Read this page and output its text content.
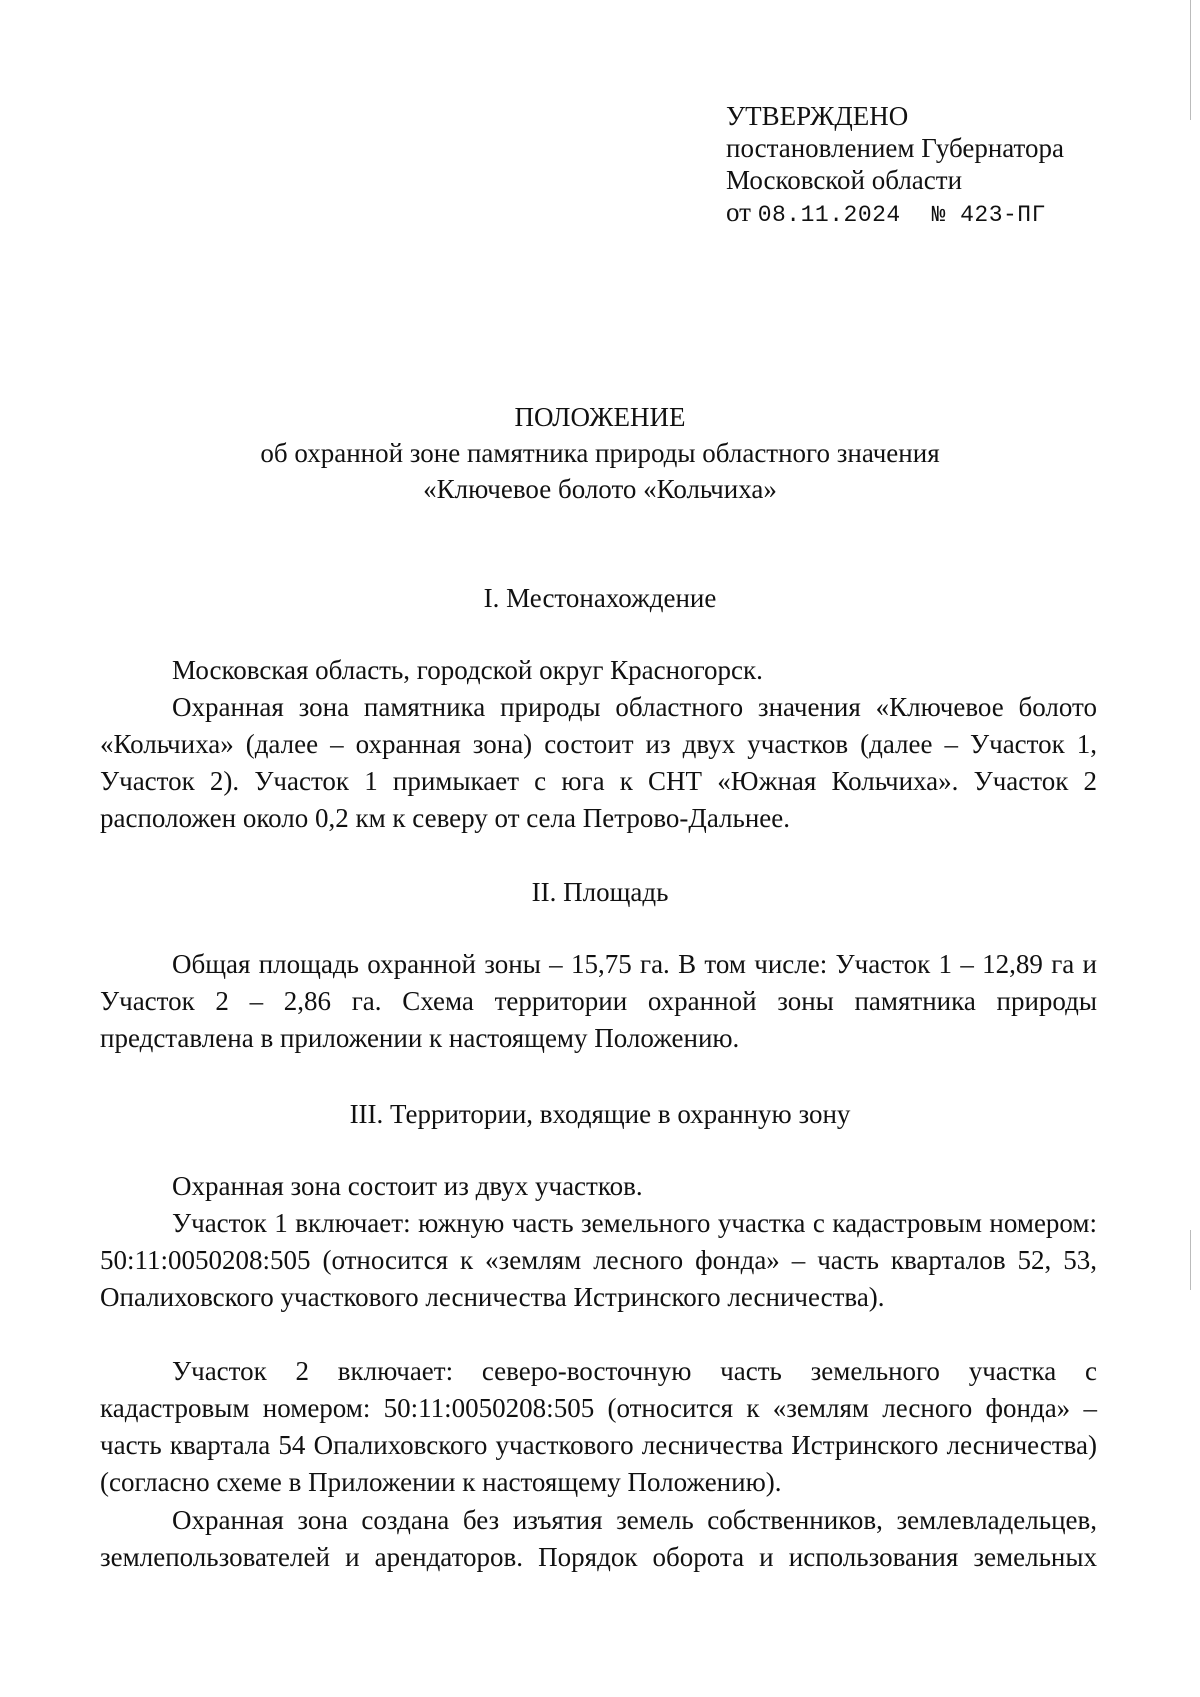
УТВЕРЖДЕНО
постановлением Губернатора
Московской области
от 08.11.2024 № 423-ПГ
ПОЛОЖЕНИЕ
об охранной зоне памятника природы областного значения
«Ключевое болото «Кольчиха»
I. Местонахождение
Московская область, городской округ Красногорск.
Охранная зона памятника природы областного значения «Ключевое болото «Кольчиха» (далее – охранная зона) состоит из двух участков (далее – Участок 1, Участок 2). Участок 1 примыкает с юга к СНТ «Южная Кольчиха». Участок 2 расположен около 0,2 км к северу от села Петрово-Дальнее.
II. Площадь
Общая площадь охранной зоны – 15,75 га. В том числе: Участок 1 – 12,89 га и Участок 2 – 2,86 га. Схема территории охранной зоны памятника природы представлена в приложении к настоящему Положению.
III. Территории, входящие в охранную зону
Охранная зона состоит из двух участков.
Участок 1 включает: южную часть земельного участка с кадастровым номером: 50:11:0050208:505 (относится к «землям лесного фонда» – часть кварталов 52, 53, Опалиховского участкового лесничества Истринского лесничества).
Участок 2 включает: северо-восточную часть земельного участка с кадастровым номером: 50:11:0050208:505 (относится к «землям лесного фонда» – часть квартала 54 Опалиховского участкового лесничества Истринского лесничества) (согласно схеме в Приложении к настоящему Положению).
Охранная зона создана без изъятия земель собственников, землевладельцев, землепользователей и арендаторов. Порядок оборота и использования земельных
